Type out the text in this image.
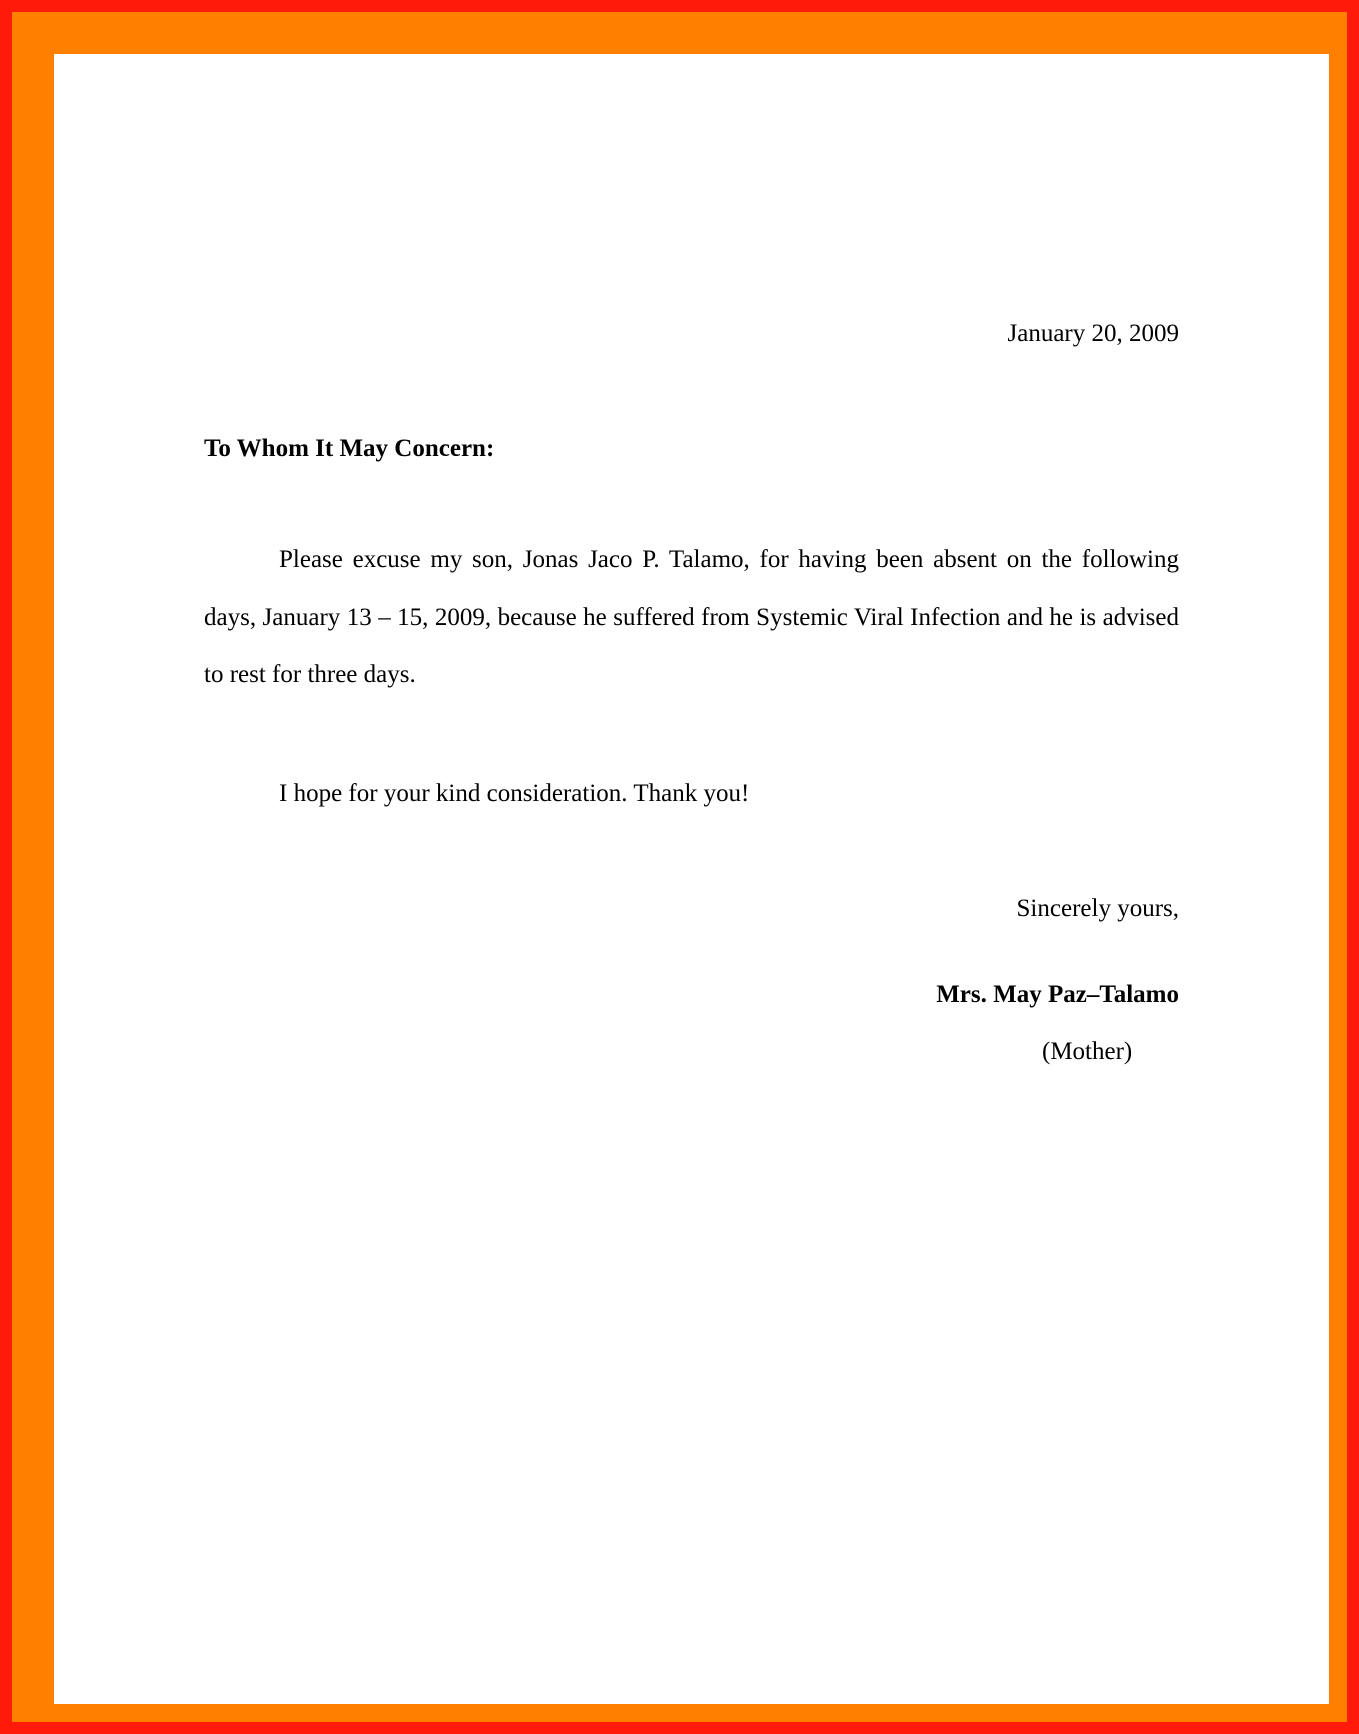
January 20, 2009
To Whom It May Concern:
Please excuse my son, Jonas Jaco P. Talamo, for having been absent on the following days, January 13 – 15, 2009, because he suffered from Systemic Viral Infection and he is advised to rest for three days.
I hope for your kind consideration. Thank you!
Sincerely yours,
Mrs. May Paz–Talamo
(Mother)
